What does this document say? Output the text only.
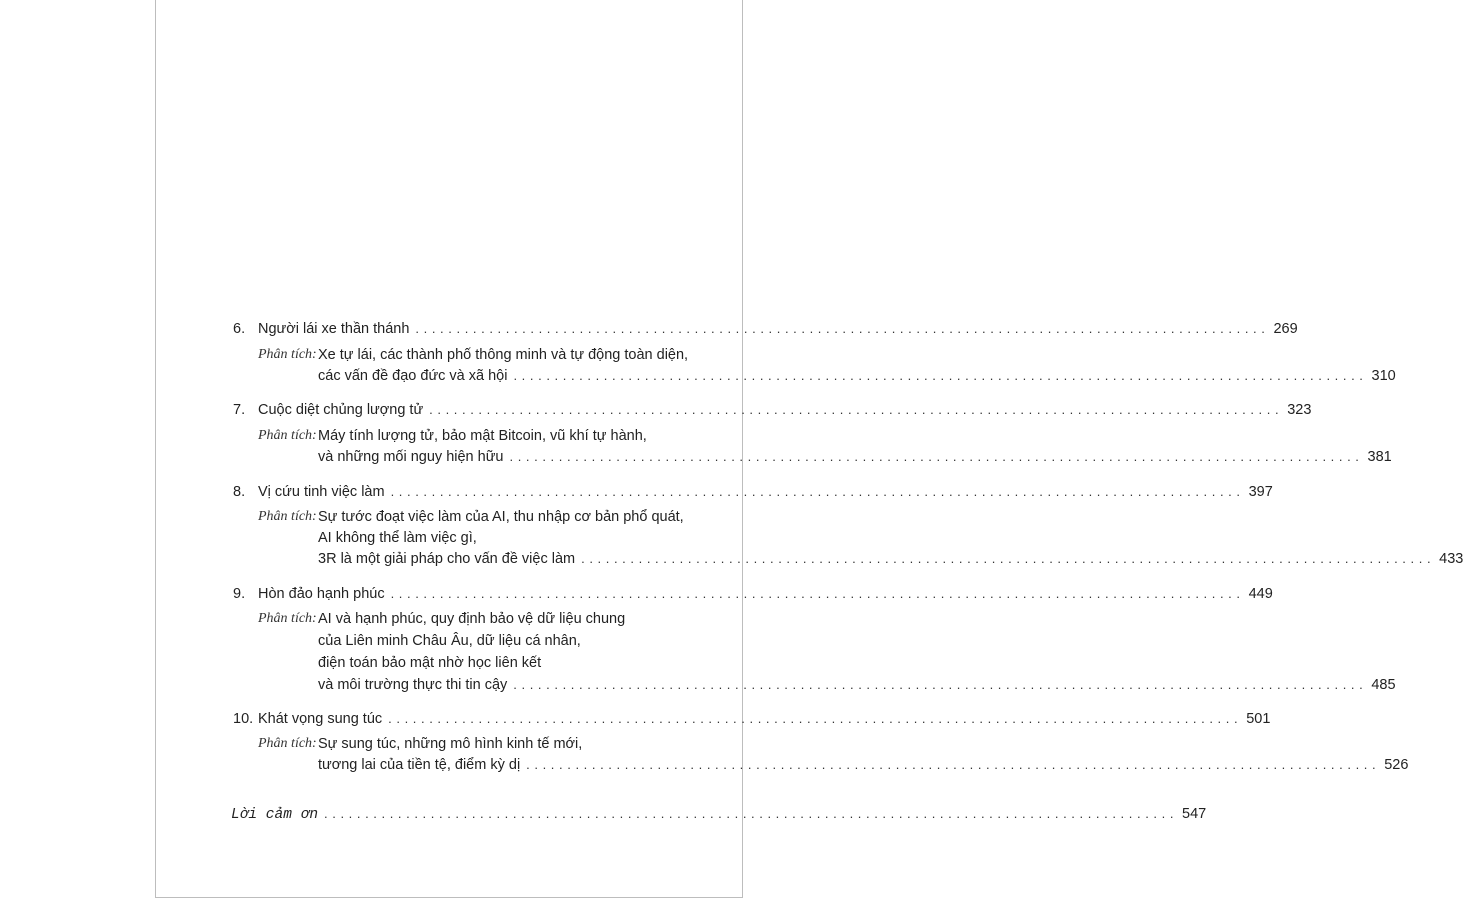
6. Người lái xe thần thánh ........................................................................................................ 269
Phân tích: Xe tự lái, các thành phố thông minh và tự động toàn diện,
các vấn đề đạo đức và xã hội ........................................................................................................ 310
7. Cuộc diệt chủng lượng tử ........................................................................................................ 323
Phân tích: Máy tính lượng tử, bảo mật Bitcoin, vũ khí tự hành,
và những mối nguy hiện hữu ........................................................................................................ 381
8. Vị cứu tinh việc làm ........................................................................................................ 397
Phân tích: Sự tước đoạt việc làm của AI, thu nhập cơ bản phổ quát,
AI không thể làm việc gì,
3R là một giải pháp cho vấn đề việc làm ........................................................................................................ 433
9. Hòn đảo hạnh phúc ........................................................................................................ 449
Phân tích: AI và hạnh phúc, quy định bảo vệ dữ liệu chung
của Liên minh Châu Âu, dữ liệu cá nhân,
điện toán bảo mật nhờ học liên kết
và môi trường thực thi tin cậy ........................................................................................................ 485
10. Khát vọng sung túc ........................................................................................................ 501
Phân tích: Sự sung túc, những mô hình kinh tế mới,
tương lai của tiền tệ, điểm kỳ dị ........................................................................................................ 526
Lời cảm ơn ........................................................................................................ 547
